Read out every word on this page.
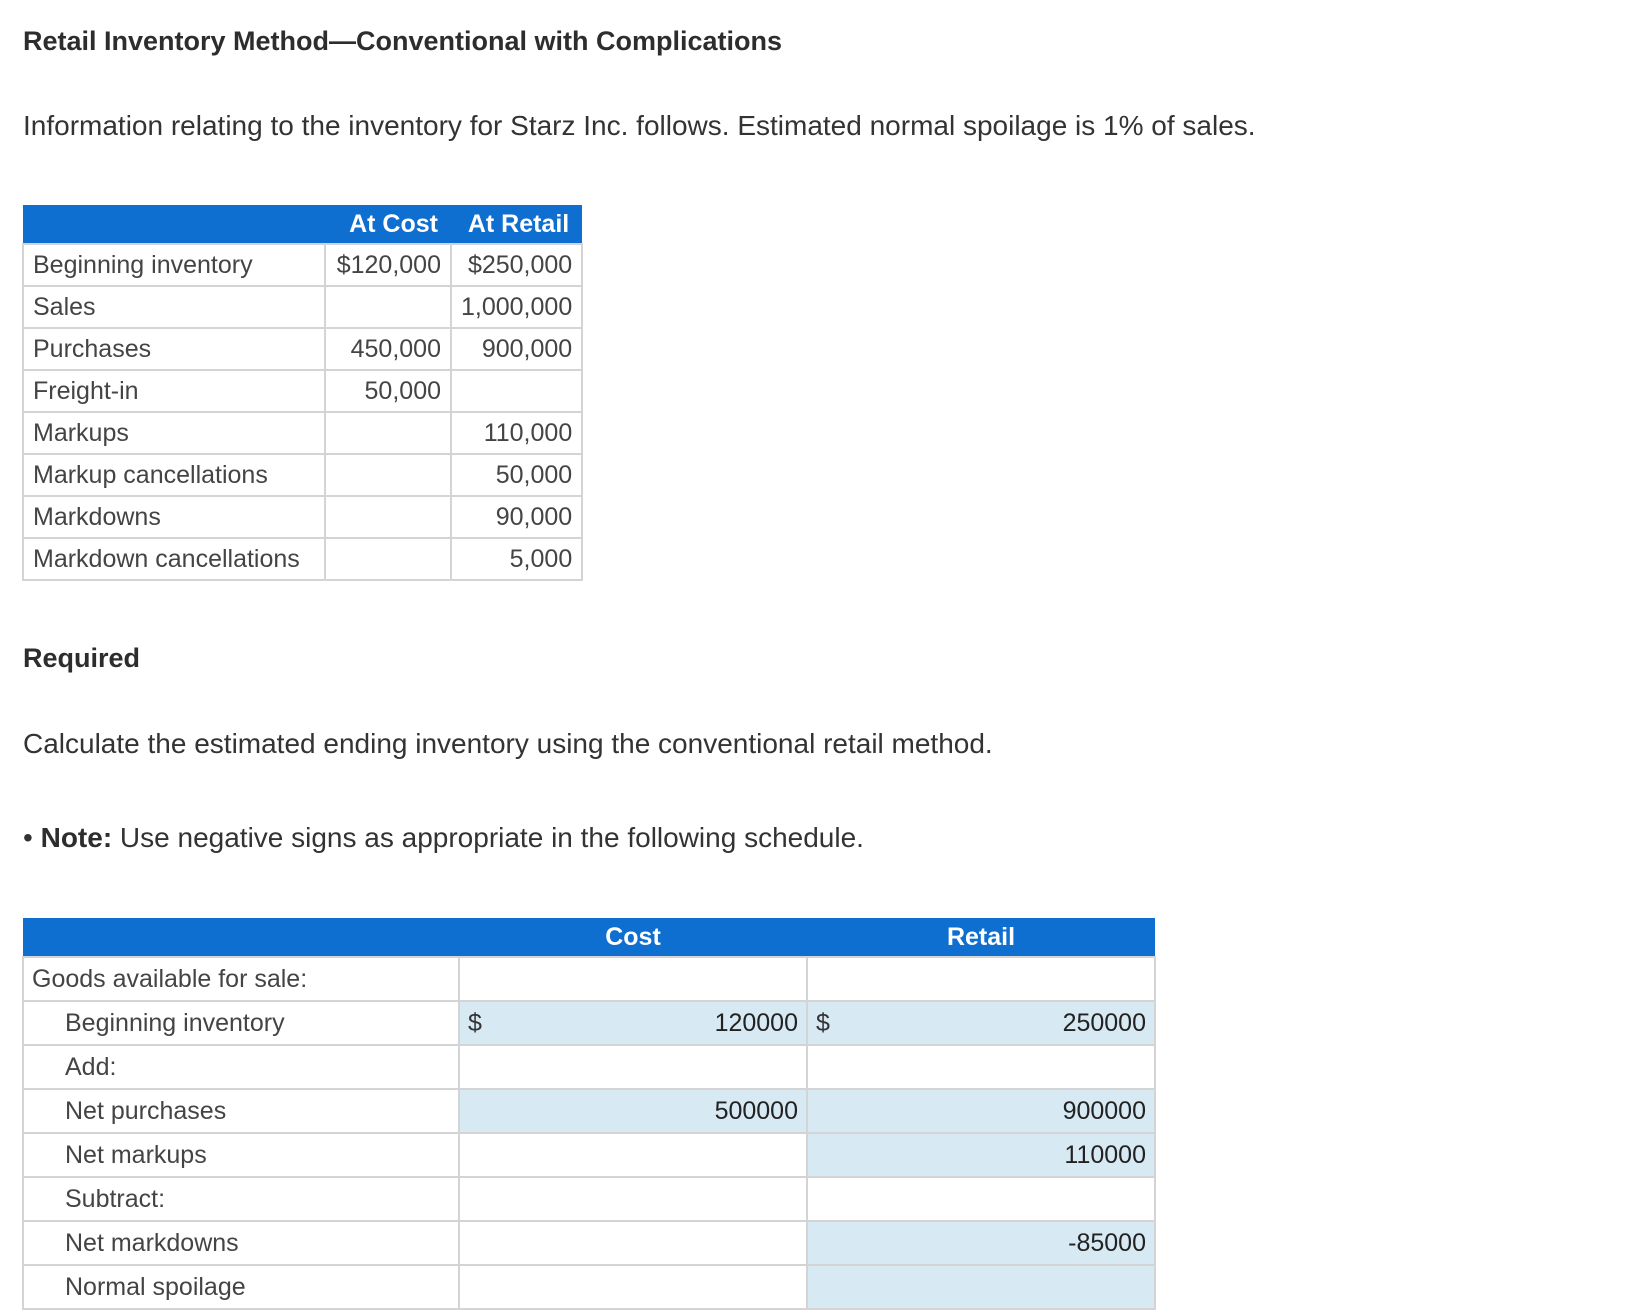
Retail Inventory Method—Conventional with Complications

Information relating to the inventory for Starz Inc. follows. Estimated normal spoilage is 1% of sales.

	At Cost	At Retail
Beginning inventory	$120,000	$250,000
Sales		1,000,000
Purchases	450,000	900,000
Freight-in	50,000	
Markups		110,000
Markup cancellations		50,000
Markdowns		90,000
Markdown cancellations		5,000
Required

Calculate the estimated ending inventory using the conventional retail method.

• Note: Use negative signs as appropriate in the following schedule.

	Cost	Retail
Goods available for sale:		
Beginning inventory	$ 120000	$ 250000

Add:		
Net purchases	500000	900000

Net markups		110000

Subtract:		
Net markdowns		-85000

Normal spoilage		
